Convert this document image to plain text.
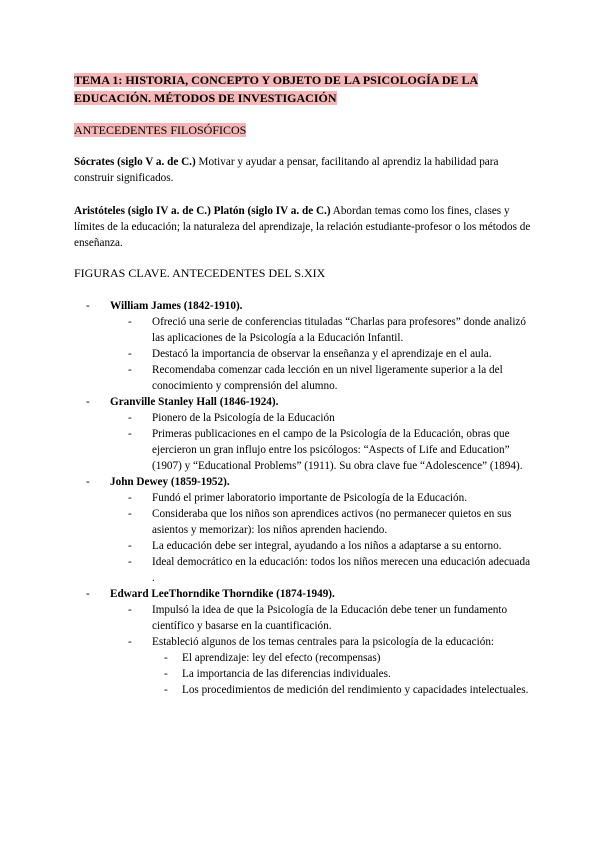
TEMA 1: HISTORIA, CONCEPTO Y OBJETO DE LA PSICOLOGÍA DE LA EDUCACIÓN. MÉTODOS DE INVESTIGACIÓN
ANTECEDENTES FILOSÓFICOS
Sócrates (siglo V a. de C.) Motivar y ayudar a pensar, facilitando al aprendiz la habilidad para construir significados.
Aristóteles (siglo IV a. de C.) Platón (siglo IV a. de C.) Abordan temas como los fines, clases y límites de la educación; la naturaleza del aprendizaje, la relación estudiante-profesor o los métodos de enseñanza.
FIGURAS CLAVE. ANTECEDENTES DEL S.XIX
- William James (1842-1910).
- Ofreció una serie de conferencias tituladas “Charlas para profesores” donde analizó las aplicaciones de la Psicología a la Educación Infantil.
- Destacó la importancia de observar la enseñanza y el aprendizaje en el aula.
- Recomendaba comenzar cada lección en un nivel ligeramente superior a la del conocimiento y comprensión del alumno.
- Granville Stanley Hall (1846-1924).
- Pionero de la Psicología de la Educación
- Primeras publicaciones en el campo de la Psicología de la Educación, obras que ejercieron un gran influjo entre los psicólogos: “Aspects of Life and Education” (1907) y “Educational Problems” (1911). Su obra clave fue “Adolescence” (1894).
- John Dewey (1859-1952).
- Fundó el primer laboratorio importante de Psicología de la Educación.
- Consideraba que los niños son aprendices activos (no permanecer quietos en sus asientos y memorizar): los niños aprenden haciendo.
- La educación debe ser integral, ayudando a los niños a adaptarse a su entorno.
- Ideal democrático en la educación: todos los niños merecen una educación adecuada .
- Edward LeeThorndike Thorndike (1874-1949).
- Impulsó la idea de que la Psicología de la Educación debe tener un fundamento científico y basarse en la cuantificación.
- Estableció algunos de los temas centrales para la psicología de la educación:
- El aprendizaje: ley del efecto (recompensas)
- La importancia de las diferencias individuales.
- Los procedimientos de medición del rendimiento y capacidades intelectuales.
